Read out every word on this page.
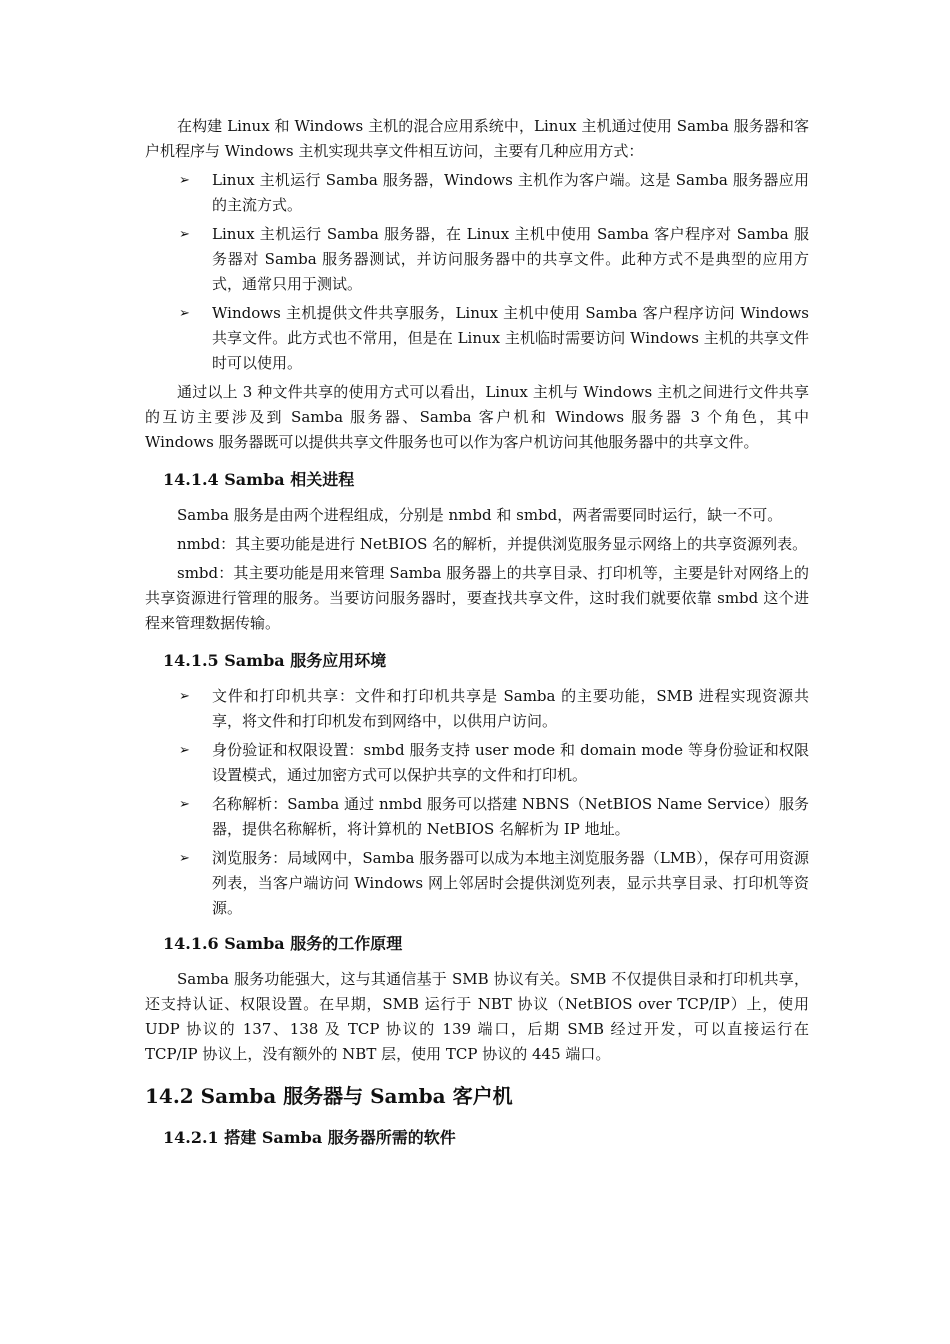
在构建 Linux 和 Windows 主机的混合应用系统中，Linux 主机通过使用 Samba 服务器和客户机程序与 Windows 主机实现共享文件相互访问，主要有几种应用方式：

➢ Linux 主机运行 Samba 服务器，Windows 主机作为客户端。这是 Samba 服务器应用的主流方式。
➢ Linux 主机运行 Samba 服务器，在 Linux 主机中使用 Samba 客户程序对 Samba 服务器对 Samba 服务器测试，并访问服务器中的共享文件。此种方式不是典型的应用方式，通常只用于测试。
➢ Windows 主机提供文件共享服务，Linux 主机中使用 Samba 客户程序访问 Windows 共享文件。此方式也不常用，但是在 Linux 主机临时需要访问 Windows 主机的共享文件时可以使用。

通过以上 3 种文件共享的使用方式可以看出，Linux 主机与 Windows 主机之间进行文件共享的互访主要涉及到 Samba 服务器、Samba 客户机和 Windows 服务器 3 个角色，其中 Windows 服务器既可以提供共享文件服务也可以作为客户机访问其他服务器中的共享文件。

14.1.4 Samba 相关进程

Samba 服务是由两个进程组成，分别是 nmbd 和 smbd，两者需要同时运行，缺一不可。

nmbd：其主要功能是进行 NetBIOS 名的解析，并提供浏览服务显示网络上的共享资源列表。

smbd：其主要功能是用来管理 Samba 服务器上的共享目录、打印机等，主要是针对网络上的共享资源进行管理的服务。当要访问服务器时，要查找共享文件，这时我们就要依靠 smbd 这个进程来管理数据传输。

14.1.5 Samba 服务应用环境
➢ 文件和打印机共享：文件和打印机共享是 Samba 的主要功能，SMB 进程实现资源共享，将文件和打印机发布到网络中，以供用户访问。
➢ 身份验证和权限设置：smbd 服务支持 user mode 和 domain mode 等身份验证和权限设置模式，通过加密方式可以保护共享的文件和打印机。
➢ 名称解析：Samba 通过 nmbd 服务可以搭建 NBNS（NetBIOS Name Service）服务器，提供名称解析，将计算机的 NetBIOS 名解析为 IP 地址。
➢ 浏览服务：局域网中，Samba 服务器可以成为本地主浏览服务器（LMB），保存可用资源列表，当客户端访问 Windows 网上邻居时会提供浏览列表，显示共享目录、打印机等资源。
14.1.6 Samba 服务的工作原理

Samba 服务功能强大，这与其通信基于 SMB 协议有关。SMB 不仅提供目录和打印机共享，还支持认证、权限设置。在早期，SMB 运行于 NBT 协议（NetBIOS over TCP/IP）上，使用 UDP 协议的 137、138 及 TCP 协议的 139 端口，后期 SMB 经过开发，可以直接运行在 TCP/IP 协议上，没有额外的 NBT 层，使用 TCP 协议的 445 端口。

14.2 Samba 服务器与 Samba 客户机
14.2.1 搭建 Samba 服务器所需的软件
